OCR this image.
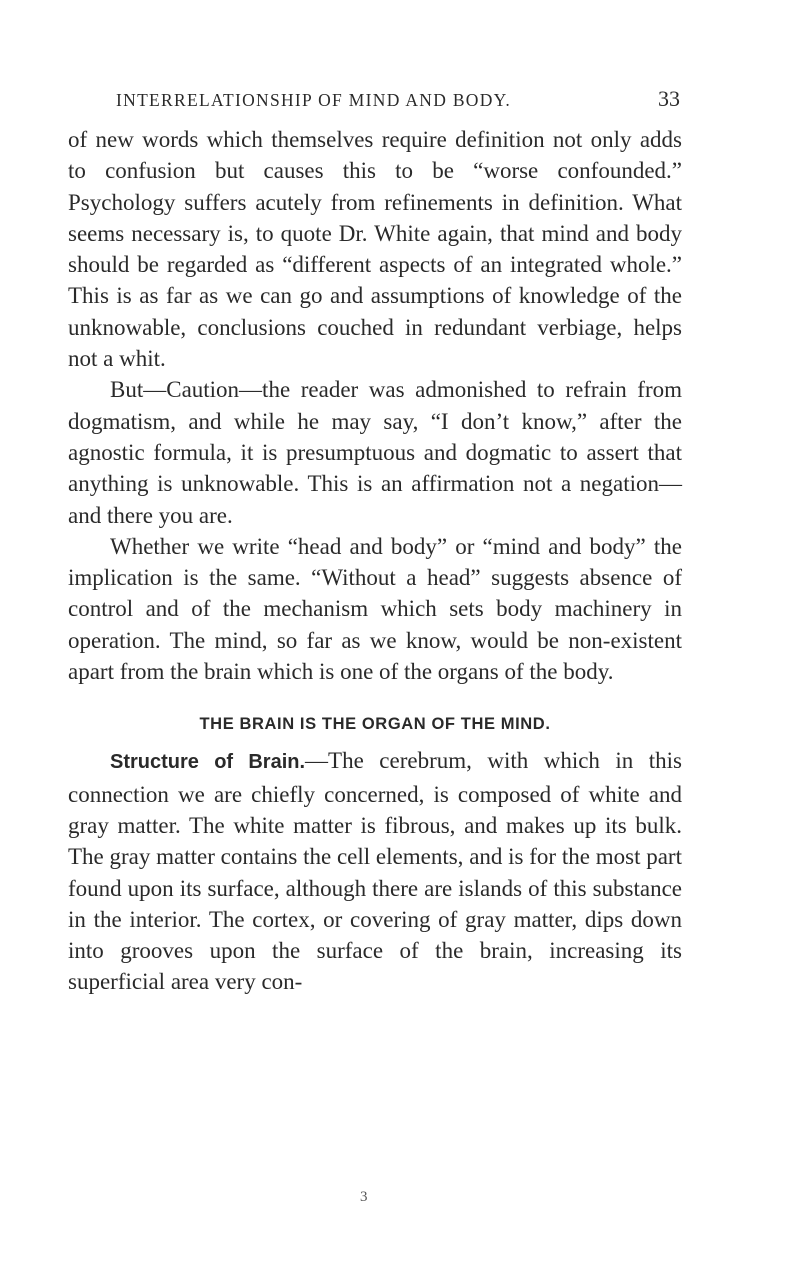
INTERRELATIONSHIP OF MIND AND BODY.	33

of new words which themselves require definition not only adds to confusion but causes this to be “worse confounded.” Psychology suffers acutely from refinements in definition. What seems necessary is, to quote Dr. White again, that mind and body should be regarded as “different aspects of an integrated whole.” This is as far as we can go and assumptions of knowledge of the unknowable, conclusions couched in redundant verbiage, helps not a whit.

But—Caution—the reader was admonished to refrain from dogmatism, and while he may say, “I don’t know,” after the agnostic formula, it is presumptuous and dogmatic to assert that anything is unknowable. This is an affirmation not a negation—and there you are.

Whether we write “head and body” or “mind and body” the implication is the same. “Without a head” suggests absence of control and of the mechanism which sets body machinery in operation. The mind, so far as we know, would be non-existent apart from the brain which is one of the organs of the body.

THE BRAIN IS THE ORGAN OF THE MIND.

Structure of Brain.—The cerebrum, with which in this connection we are chiefly concerned, is composed of white and gray matter. The white matter is fibrous, and makes up its bulk. The gray matter contains the cell elements, and is for the most part found upon its surface, although there are islands of this substance in the interior. The cortex, or covering of gray matter, dips down into grooves upon the surface of the brain, increasing its superficial area very con-

3
